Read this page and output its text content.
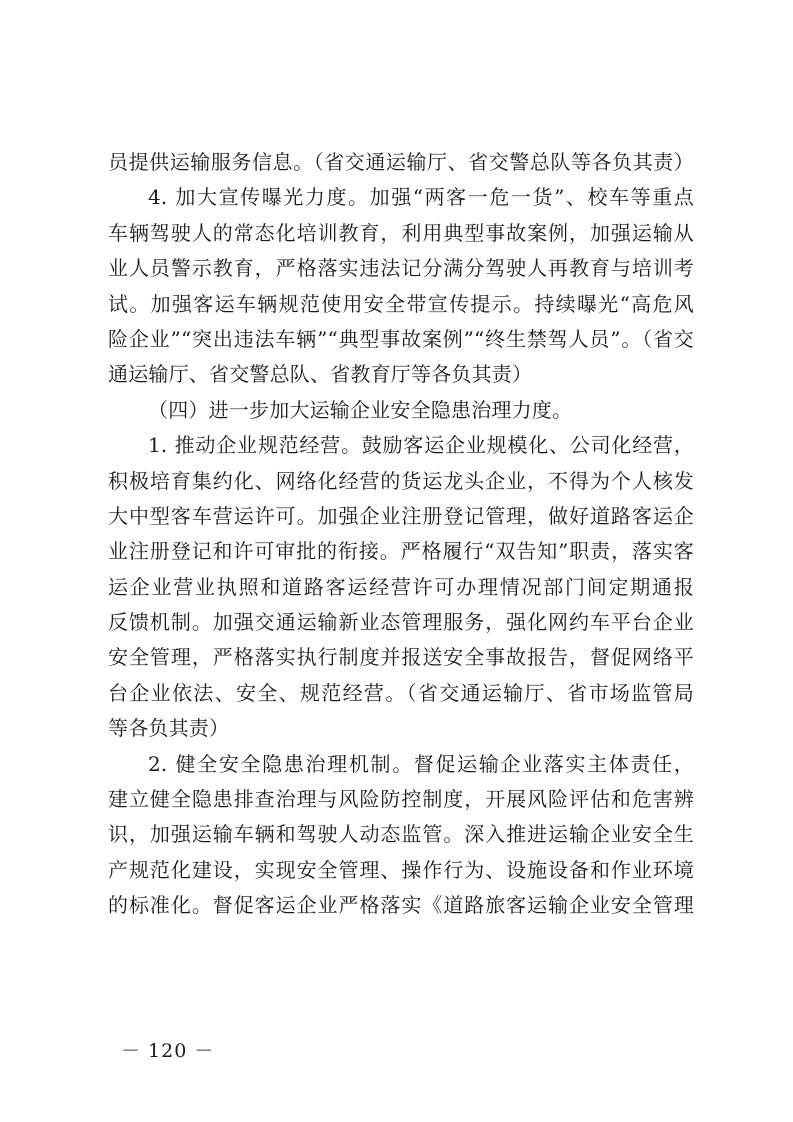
员提供运输服务信息。（省交通运输厅、省交警总队等各负其责）
4. 加大宣传曝光力度。加强“两客一危一货”、校车等重点
车辆驾驶人的常态化培训教育，利用典型事故案例，加强运输从
业人员警示教育，严格落实违法记分满分驾驶人再教育与培训考
试。加强客运车辆规范使用安全带宣传提示。持续曝光“高危风
险企业”“突出违法车辆”“典型事故案例”“终生禁驾人员”。（省交
通运输厅、省交警总队、省教育厅等各负其责）
（四）进一步加大运输企业安全隐患治理力度。
1. 推动企业规范经营。鼓励客运企业规模化、公司化经营，
积极培育集约化、网络化经营的货运龙头企业，不得为个人核发
大中型客车营运许可。加强企业注册登记管理，做好道路客运企
业注册登记和许可审批的衔接。严格履行“双告知”职责，落实客
运企业营业执照和道路客运经营许可办理情况部门间定期通报
反馈机制。加强交通运输新业态管理服务，强化网约车平台企业
安全管理，严格落实执行制度并报送安全事故报告，督促网络平
台企业依法、安全、规范经营。（省交通运输厅、省市场监管局
等各负其责）
2. 健全安全隐患治理机制。督促运输企业落实主体责任，
建立健全隐患排查治理与风险防控制度，开展风险评估和危害辨
识，加强运输车辆和驾驶人动态监管。深入推进运输企业安全生
产规范化建设，实现安全管理、操作行为、设施设备和作业环境
的标准化。督促客运企业严格落实《道路旅客运输企业安全管理
－ 120 －
